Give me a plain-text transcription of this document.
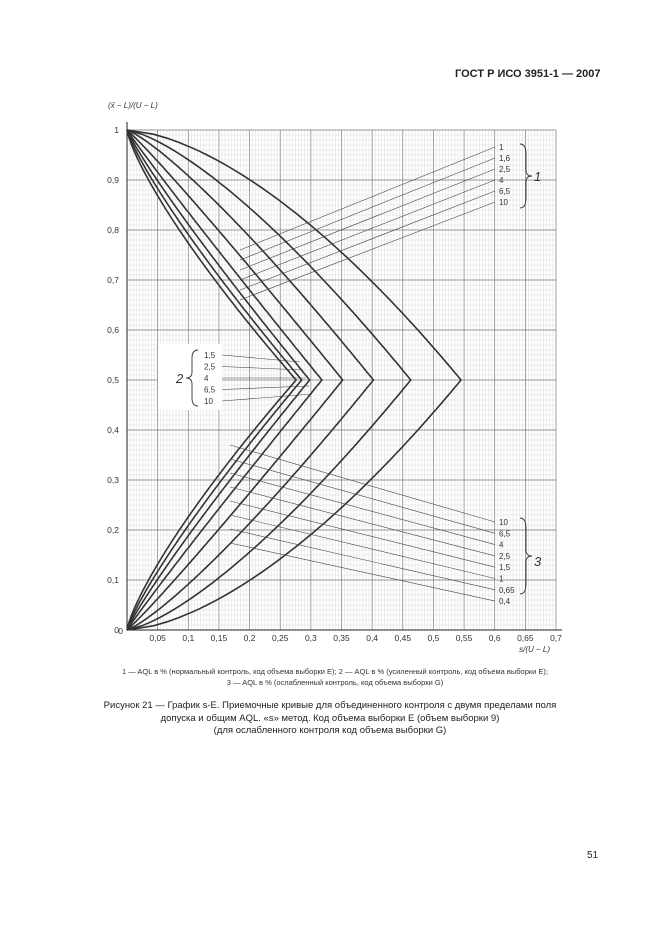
ГОСТ Р ИСО 3951-1 — 2007
0
0,1
0,2
0,3
0,4
0,5
0,6
0,7
0,8
0,9
1
0,05 0,1 0,15 0,2 0,25 0,3 0,35 0,4 0,45 0,5 0,55 0,6 0,65 0,7
0
(x̄ − L)/(U − L)
s/(U − L)
1
1,6
2,5
4
6,5
10
1
2
1,5
2,5
4
6,5
10
10
6,5
4
2,5
1,5
1
0,65
0,4
3
1 — AQL в % (нормальный контроль, код объема выборки E); 2 — AQL в % (усиленный контроль, код объема выборки E);
3 — AQL в % (ослабленный контроль, код объема выборки G)
Рисунок 21 — График s-E. Приемочные кривые для объединенного контроля с двумя пределами поля
допуска и общим AQL. «s» метод. Код объема выборки E (объем выборки 9)
(для ослабленного контроля код объема выборки G)
51
